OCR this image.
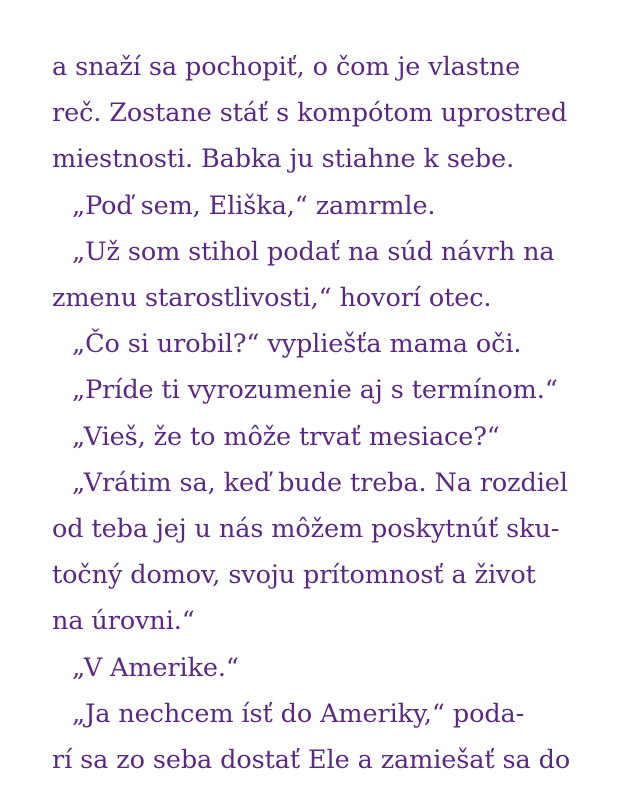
a snaží sa pochopiť, o čom je vlastne
reč. Zostane stáť s kompótom uprostred
miestnosti. Babka ju stiahne k sebe.
„Poď sem, Eliška,“ zamrmle.
„Už som stihol podať na súd návrh na
zmenu starostlivosti,“ hovorí otec.
„Čo si urobil?“ vypliešťa mama oči.
„Príde ti vyrozumenie aj s termínom.“
„Vieš, že to môže trvať mesiace?“
„Vrátim sa, keď bude treba. Na rozdiel
od teba jej u nás môžem poskytnúť sku-
točný domov, svoju prítomnosť a život
na úrovni.“
„V Amerike.“
„Ja nechcem ísť do Ameriky,“ poda-
rí sa zo seba dostať Ele a zamiešať sa do
